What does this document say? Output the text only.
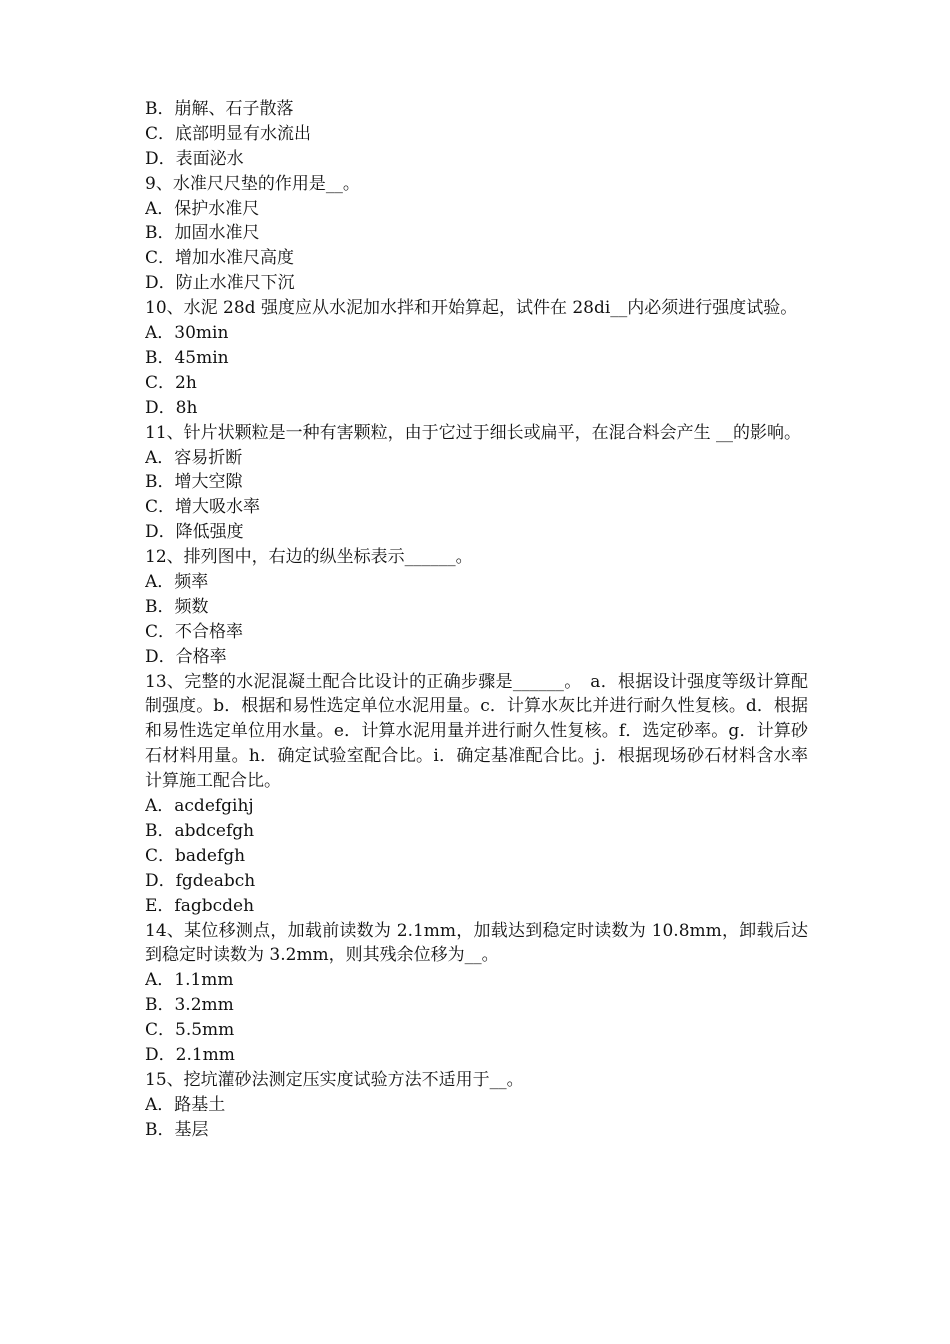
B．崩解、石子散落
C．底部明显有水流出
D．表面泌水
9、水准尺尺垫的作用是__。
A．保护水准尺
B．加固水准尺
C．增加水准尺高度
D．防止水准尺下沉
10、水泥 28d 强度应从水泥加水拌和开始算起，试件在 28di__内必须进行强度试验。
A．30min
B．45min
C．2h
D．8h
11、针片状颗粒是一种有害颗粒，由于它过于细长或扁平，在混合料会产生 __的影响。
A．容易折断
B．增大空隙
C．增大吸水率
D．降低强度
12、排列图中，右边的纵坐标表示______。
A．频率
B．频数
C．不合格率
D．合格率
13、完整的水泥混凝土配合比设计的正确步骤是______。　a．根据设计强度等级计算配制强度。b．根据和易性选定单位水泥用量。c．计算水灰比并进行耐久性复核。d．根据和易性选定单位用水量。e．计算水泥用量并进行耐久性复核。f．选定砂率。g．计算砂石材料用量。h．确定试验室配合比。i．确定基准配合比。j．根据现场砂石材料含水率计算施工配合比。
A．acdefgihj
B．abdcefgh
C．badefgh
D．fgdeabch
E．fagbcdeh
14、某位移测点，加载前读数为 2.1mm，加载达到稳定时读数为 10.8mm，卸载后达到稳定时读数为 3.2mm，则其残余位移为__。
A．1.1mm
B．3.2mm
C．5.5mm
D．2.1mm
15、挖坑灌砂法测定压实度试验方法不适用于__。
A．路基土
B．基层
